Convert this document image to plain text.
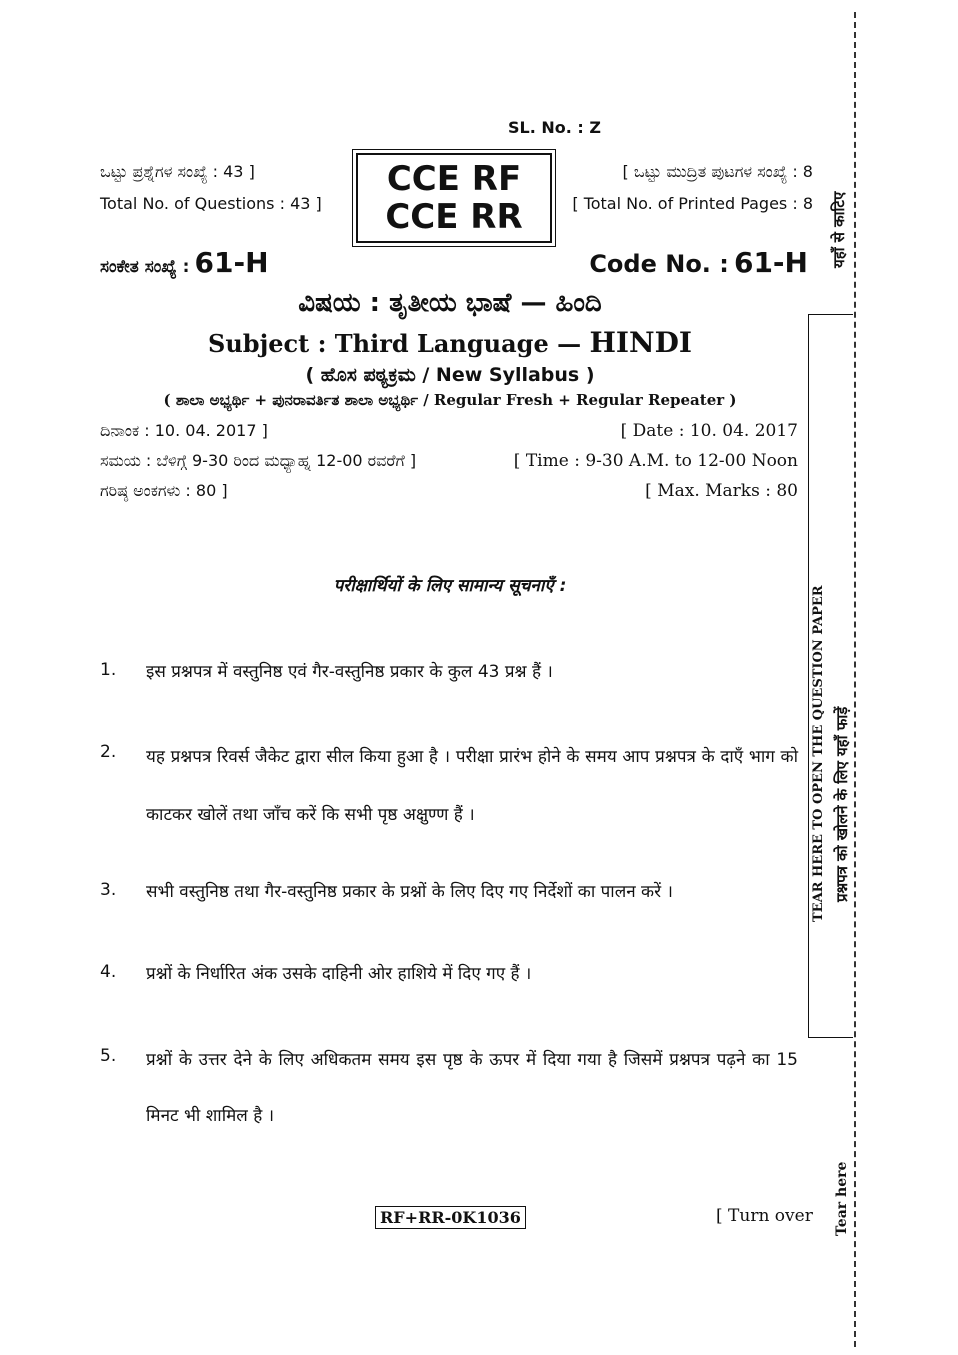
SL. No. : Z
ಒಟ್ಟು ಪ್ರಶ್ನೆಗಳ ಸಂಖ್ಯೆ : 43 ]
Total No. of Questions : 43 ]
CCE RF
CCE RR
[ ಒಟ್ಟು ಮುದ್ರಿತ ಪುಟಗಳ ಸಂಖ್ಯೆ : 8
[ Total No. of Printed Pages : 8
ಸಂಕೇತ ಸಂಖ್ಯೆ : 61-H	Code No. : 61-H
ವಿಷಯ : ತೃತೀಯ ಭಾಷೆ — ಹಿಂದಿ
Subject : Third Language — HINDI
( ಹೊಸ ಪಠ್ಯಕ್ರಮ / New Syllabus )
( ಶಾಲಾ ಅಭ್ಯರ್ಥಿ + ಪುನರಾವರ್ತಿತ ಶಾಲಾ ಅಭ್ಯರ್ಥಿ / Regular Fresh + Regular Repeater )
ದಿನಾಂಕ : 10. 04. 2017 ]	[ Date : 10. 04. 2017
ಸಮಯ : ಬೆಳಿಗ್ಗೆ 9-30 ರಿಂದ ಮಧ್ಯಾಹ್ನ 12-00 ರವರೆಗೆ ]	[ Time : 9-30 A.M. to 12-00 Noon
ಗರಿಷ್ಠ ಅಂಕಗಳು : 80 ]	[ Max. Marks : 80
परीक्षार्थियों के लिए सामान्य सूचनाएँ :
1. इस प्रश्नपत्र में वस्तुनिष्ठ एवं गैर-वस्तुनिष्ठ प्रकार के कुल 43 प्रश्न हैं ।
2. यह प्रश्नपत्र रिवर्स जैकेट द्वारा सील किया हुआ है । परीक्षा प्रारंभ होने के समय आप प्रश्नपत्र के दाएँ भाग को काटकर खोलें तथा जाँच करें कि सभी पृष्ठ अक्षुण्ण हैं ।
3. सभी वस्तुनिष्ठ तथा गैर-वस्तुनिष्ठ प्रकार के प्रश्नों के लिए दिए गए निर्देशों का पालन करें ।
4. प्रश्नों के निर्धारित अंक उसके दाहिनी ओर हाशिये में दिए गए हैं ।
5. प्रश्नों के उत्तर देने के लिए अधिकतम समय इस पृष्ठ के ऊपर में दिया गया है जिसमें प्रश्नपत्र पढ़ने का 15 मिनट भी शामिल है ।
यहाँ से काटिए
TEAR HERE TO OPEN THE QUESTION PAPER प्रश्नपत्र को खोलने के लिए यहाँ फाड़ें
Tear here
RF+RR-0K1036	[ Turn over
